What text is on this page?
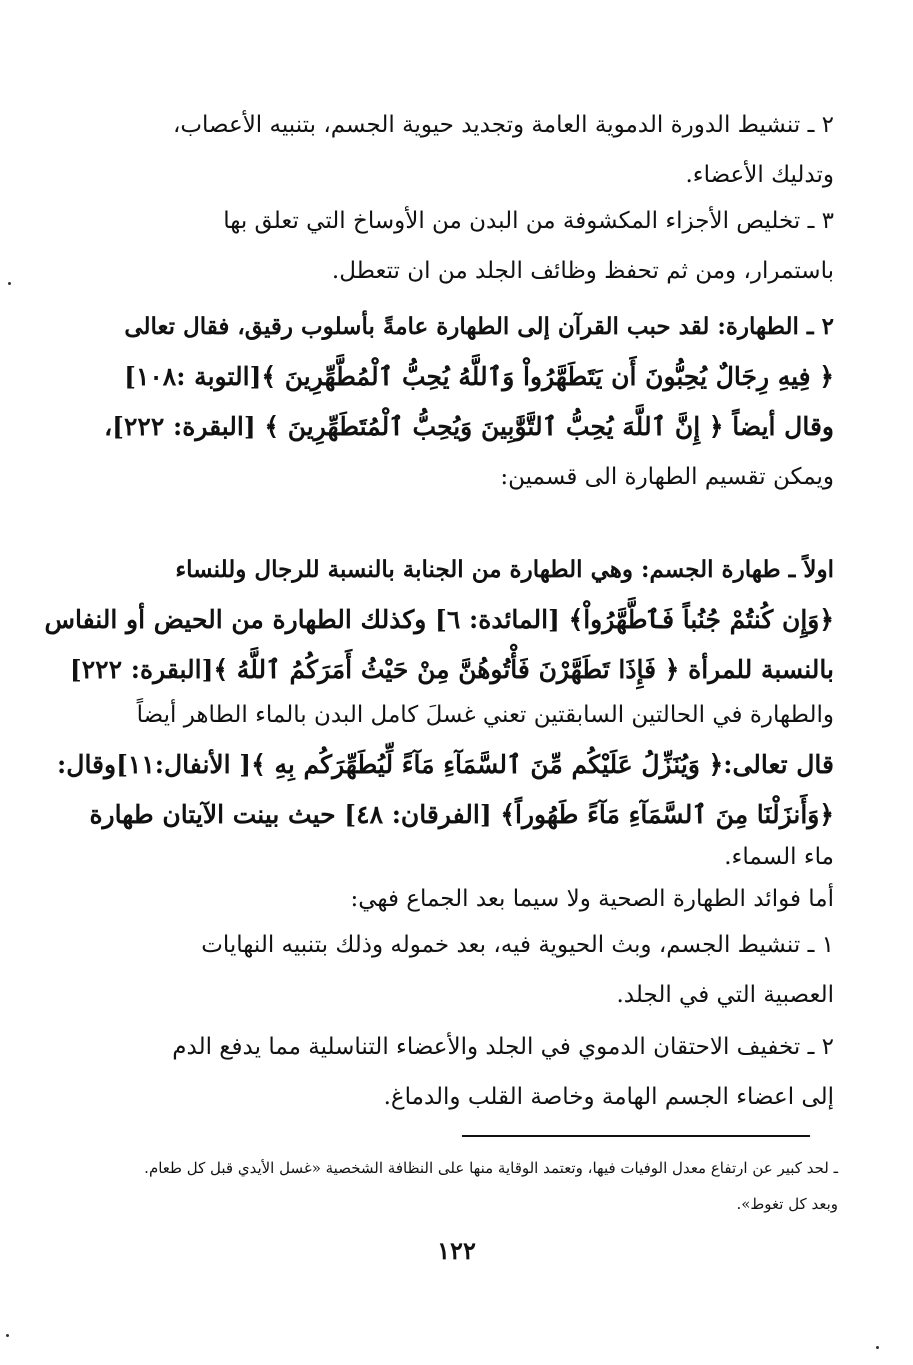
٢ ـ تنشيط الدورة الدموية العامة وتجديد حيوية الجسم، بتنبيه الأعصاب،
وتدليك الأعضاء.

٣ ـ تخليص الأجزاء المكشوفة من البدن من الأوساخ التي تعلق بها
باستمرار، ومن ثم تحفظ وظائف الجلد من ان تتعطل.

٢ ـ الطهارة: لقد حبب القرآن إلى الطهارة عامةً بأسلوب رقيق، فقال تعالى
﴿ فِيهِ رِجَالٌ يُحِبُّونَ أَن يَتَطَهَّرُواْ وَٱللَّهُ يُحِبُّ ٱلْمُطَّهِّرِينَ ﴾[التوبة :١٠٨]
وقال أيضاً ﴿ إِنَّ ٱللَّهَ يُحِبُّ ٱلتَّوَّٰبِينَ وَيُحِبُّ ٱلْمُتَطَهِّرِينَ ﴾ [البقرة: ٢٢٢]،
ويمكن تقسيم الطهارة الى قسمين:

اولاً ـ طهارة الجسم: وهي الطهارة من الجنابة بالنسبة للرجال وللنساء
﴿وَإِن كُنتُمْ جُنُباً فَٱطَّهَّرُواْ﴾ [المائدة: ٦] وكذلك الطهارة من الحيض أو النفاس
بالنسبة للمرأة ﴿ فَإِذَا تَطَهَّرْنَ فَأْتُوهُنَّ مِنْ حَيْثُ أَمَرَكُمُ ٱللَّهُ ﴾[البقرة: ٢٢٢]

والطهارة في الحالتين السابقتين تعني غسلَ كامل البدن بالماء الطاهر أيضاً
قال تعالى:﴿ وَيُنَزِّلُ عَلَيْكُم مِّنَ ٱلسَّمَآءِ مَآءً لِّيُطَهِّرَكُم بِهِ ﴾[ الأنفال:١١]وقال:
﴿وَأَنزَلْنَا مِنَ ٱلسَّمَآءِ مَآءً طَهُوراً﴾ [الفرقان: ٤٨] حيث بينت الآيتان طهارة
ماء السماء.

أما فوائد الطهارة الصحية ولا سيما بعد الجماع فهي:

١ ـ تنشيط الجسم، وبث الحيوية فيه، بعد خموله وذلك بتنبيه النهايات
العصبية التي في الجلد.

٢ ـ تخفيف الاحتقان الدموي في الجلد والأعضاء التناسلية مما يدفع الدم
إلى اعضاء الجسم الهامة وخاصة القلب والدماغ.

ـ لحد كبير عن ارتفاع معدل الوفيات فيها، وتعتمد الوقاية منها على النظافة الشخصية «غسل الأيدي قبل كل طعام.
وبعد كل تغوط».
١٢٢
